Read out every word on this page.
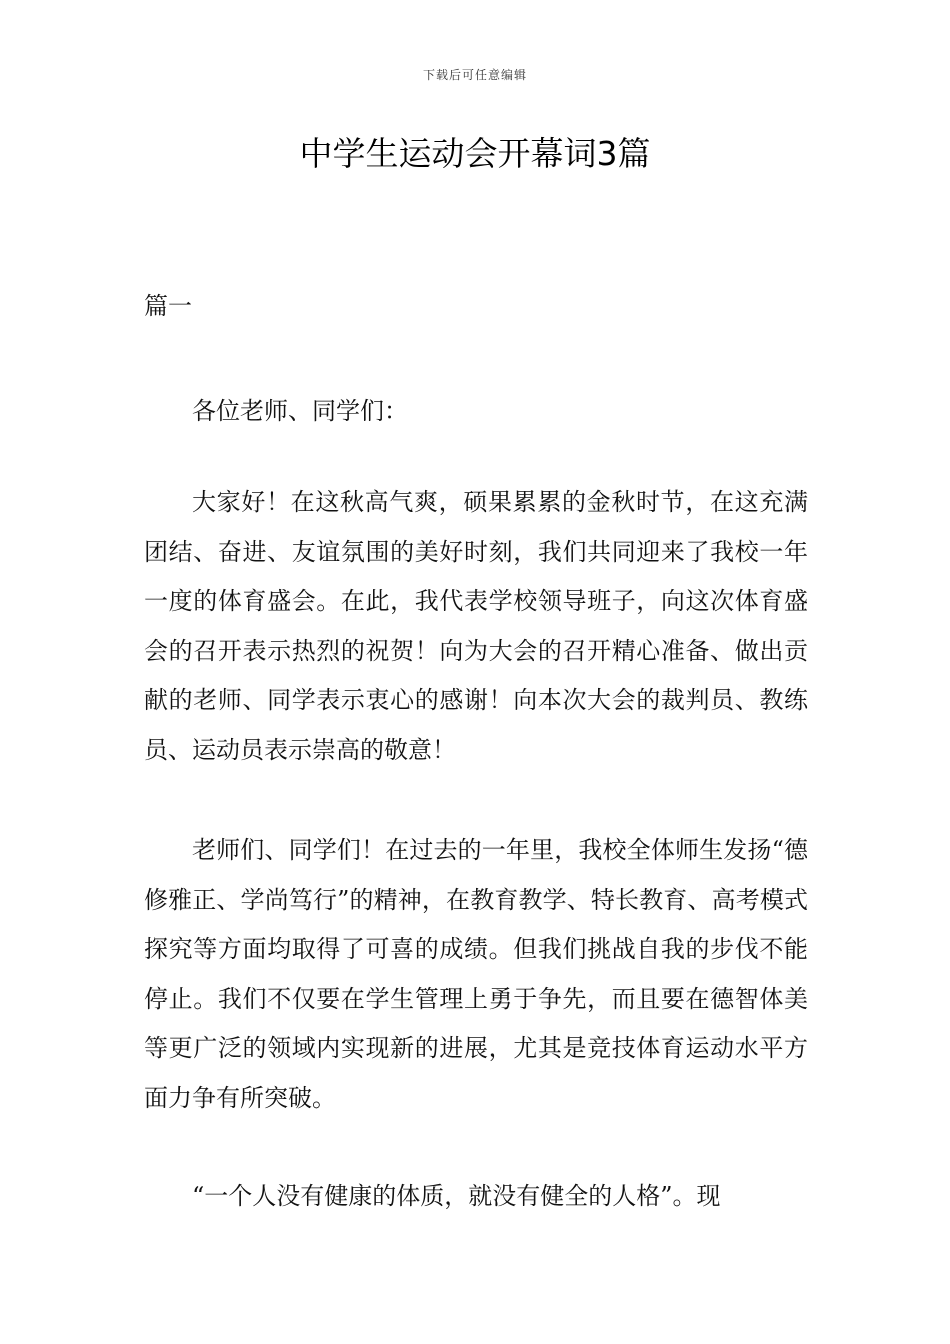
下载后可任意编辑
中学生运动会开幕词3篇

篇一

各位老师、同学们：

大家好！在这秋高气爽，硕果累累的金秋时节，在这充满团结、奋进、友谊氛围的美好时刻，我们共同迎来了我校一年一度的体育盛会。在此，我代表学校领导班子，向这次体育盛会的召开表示热烈的祝贺！向为大会的召开精心准备、做出贡献的老师、同学表示衷心的感谢！向本次大会的裁判员、教练员、运动员表示崇高的敬意！

老师们、同学们！在过去的一年里，我校全体师生发扬“德修雅正、学尚笃行”的精神，在教育教学、特长教育、高考模式探究等方面均取得了可喜的成绩。但我们挑战自我的步伐不能停止。我们不仅要在学生管理上勇于争先，而且要在德智体美等更广泛的领域内实现新的进展，尤其是竞技体育运动水平方面力争有所突破。

“一个人没有健康的体质，就没有健全的人格”。现
